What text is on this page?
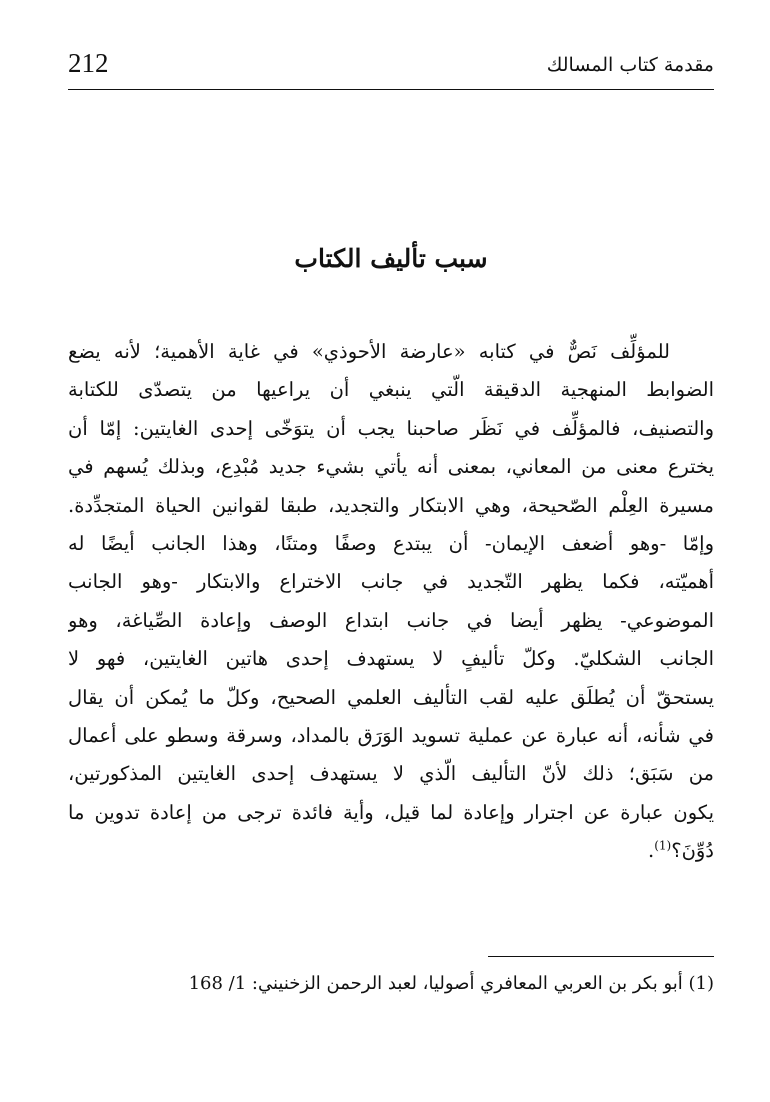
212	مقدمة كتاب المسالك
سبب تأليف الكتاب
للمؤلِّف نَصٌّ في كتابه «عارضة الأحوذي» في غاية الأهمية؛ لأنه يضع
الضوابط المنهجية الدقيقة الّتي ينبغي أن يراعيها من يتصدّى للكتابة
والتصنيف، فالمؤلِّف في نَظَر صاحبنا يجب أن يتوَخّى إحدى الغايتين: إمّا أن
يخترع معنى من المعاني، بمعنى أنه يأتي بشيء جديد مُبْدِع، وبذلك يُسهم في
مسيرة العِلْم الصّحيحة، وهي الابتكار والتجديد، طبقا لقوانين الحياة المتجدِّدة.
وإمّا -وهو أضعف الإيمان- أن يبتدع وصفًا ومتنًا، وهذا الجانب أيضًا له
أهميّته، فكما يظهر التّجديد في جانب الاختراع والابتكار -وهو الجانب
الموضوعي- يظهر أيضا في جانب ابتداع الوصف وإعادة الصِّياغة، وهو
الجانب الشكليّ. وكلّ تأليفٍ لا يستهدف إحدى هاتين الغايتين، فهو لا
يستحقّ أن يُطلَق عليه لقب التأليف العلمي الصحيح، وكلّ ما يُمكن أن يقال
في شأنه، أنه عبارة عن عملية تسويد الوَرَق بالمداد، وسرقة وسطو على أعمال
من سَبَق؛ ذلك لأنّ التأليف الّذي لا يستهدف إحدى الغايتين المذكورتين،
يكون عبارة عن اجترار وإعادة لما قيل، وأية فائدة ترجى من إعادة تدوين ما
دُوِّنَ؟$^{(1)}$.
(1) أبو بكر بن العربي المعافري أصوليا، لعبد الرحمن الزخنيني: 1/ 168
